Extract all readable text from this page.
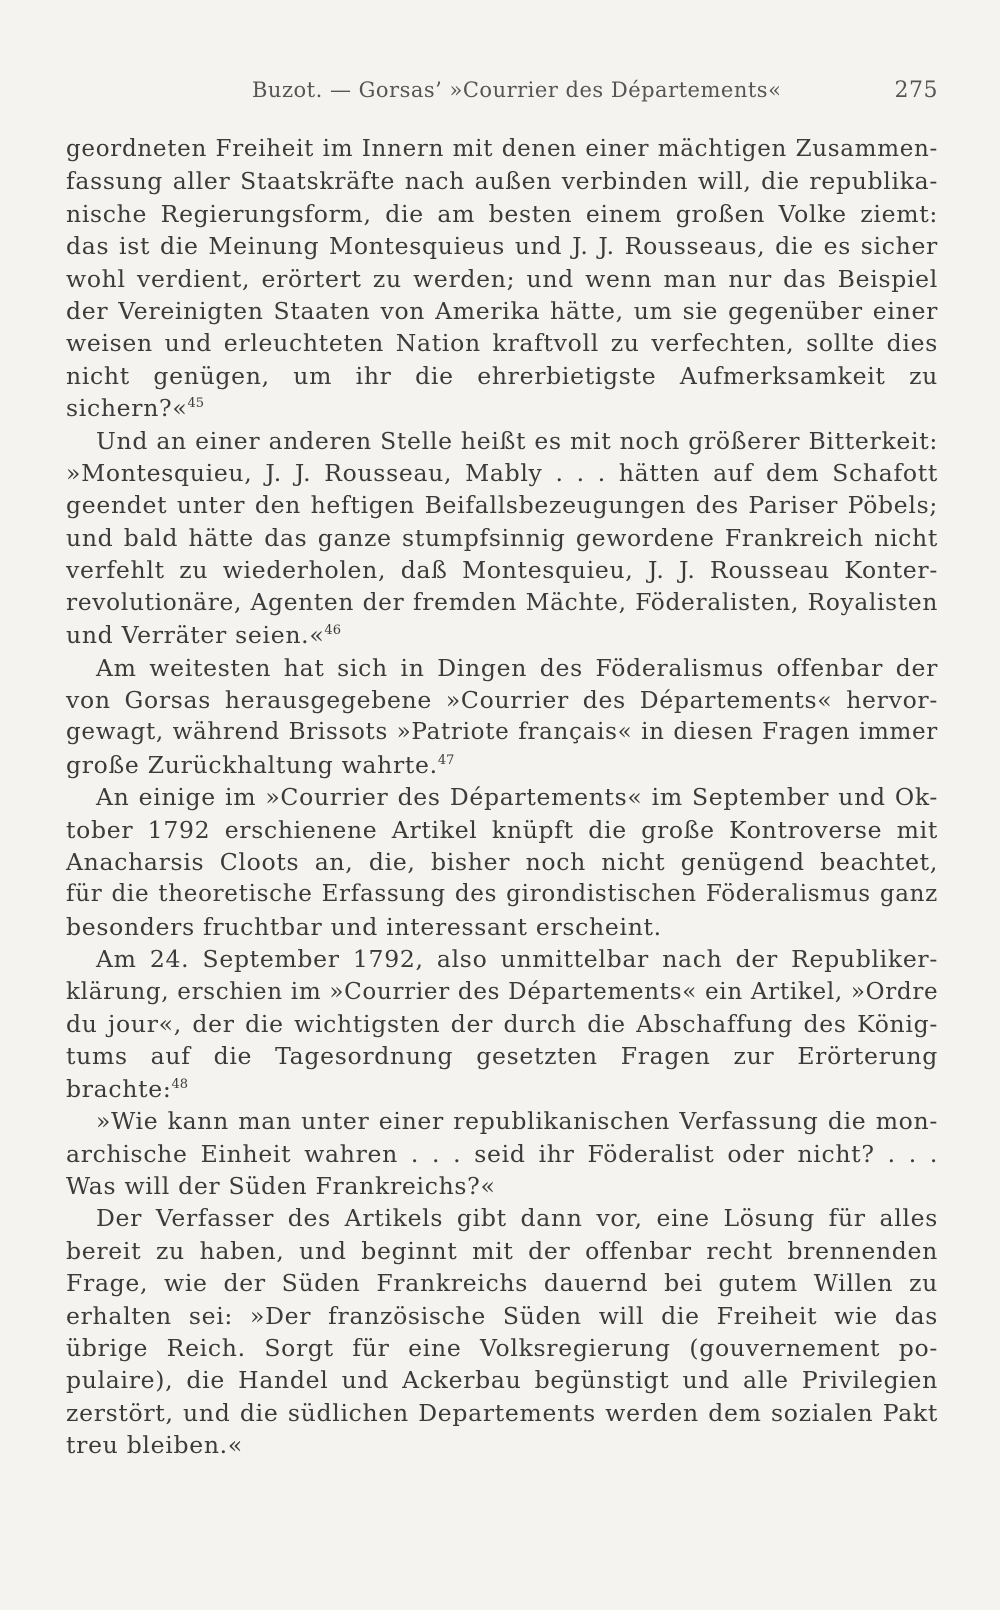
Buzot. — Gorsas’ »Courrier des Départements«	275
geordneten Freiheit im Innern mit denen einer mächtigen Zusammen-
fassung aller Staatskräfte nach außen verbinden will, die republika-
nische Regierungsform, die am besten einem großen Volke ziemt:
das ist die Meinung Montesquieus und J. J. Rousseaus, die es sicher
wohl verdient, erörtert zu werden; und wenn man nur das Beispiel
der Vereinigten Staaten von Amerika hätte, um sie gegenüber einer
weisen und erleuchteten Nation kraftvoll zu verfechten, sollte dies
nicht genügen, um ihr die ehrerbietigste Aufmerksamkeit zu
sichern?«$^{45}$
Und an einer anderen Stelle heißt es mit noch größerer Bitterkeit:
»Montesquieu, J. J. Rousseau, Mably . . . hätten auf dem Schafott
geendet unter den heftigen Beifallsbezeugungen des Pariser Pöbels;
und bald hätte das ganze stumpfsinnig gewordene Frankreich nicht
verfehlt zu wiederholen, daß Montesquieu, J. J. Rousseau Konter-
revolutionäre, Agenten der fremden Mächte, Föderalisten, Royalisten
und Verräter seien.«$^{46}$
Am weitesten hat sich in Dingen des Föderalismus offenbar der
von Gorsas herausgegebene »Courrier des Départements« hervor-
gewagt, während Brissots »Patriote français« in diesen Fragen immer
große Zurückhaltung wahrte.$^{47}$
An einige im »Courrier des Départements« im September und Ok-
tober 1792 erschienene Artikel knüpft die große Kontroverse mit
Anacharsis Cloots an, die, bisher noch nicht genügend beachtet,
für die theoretische Erfassung des girondistischen Föderalismus ganz
besonders fruchtbar und interessant erscheint.
Am 24. September 1792, also unmittelbar nach der Republiker-
klärung, erschien im »Courrier des Départements« ein Artikel, »Ordre
du jour«, der die wichtigsten der durch die Abschaffung des König-
tums auf die Tagesordnung gesetzten Fragen zur Erörterung
brachte:$^{48}$
»Wie kann man unter einer republikanischen Verfassung die mon-
archische Einheit wahren . . . seid ihr Föderalist oder nicht? . . .
Was will der Süden Frankreichs?«
Der Verfasser des Artikels gibt dann vor, eine Lösung für alles
bereit zu haben, und beginnt mit der offenbar recht brennenden
Frage, wie der Süden Frankreichs dauernd bei gutem Willen zu
erhalten sei: »Der französische Süden will die Freiheit wie das
übrige Reich. Sorgt für eine Volksregierung (gouvernement po-
pulaire), die Handel und Ackerbau begünstigt und alle Privilegien
zerstört, und die südlichen Departements werden dem sozialen Pakt
treu bleiben.«
